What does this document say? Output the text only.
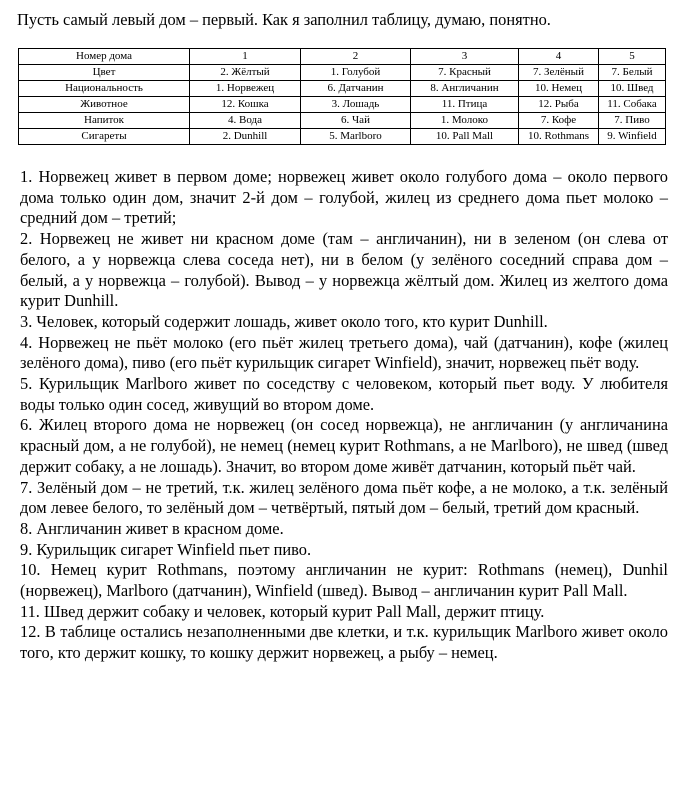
Пусть самый левый дом – первый. Как я заполнил таблицу, думаю, понятно.
Номер дома	1	2	3	4	5
Цвет	2. Жёлтый	1. Голубой	7. Красный	7. Зелёный	7. Белый
Национальность	1. Норвежец	6. Датчанин	8. Англичанин	10. Немец	10. Швед
Животное	12. Кошка	3. Лошадь	11. Птица	12. Рыба	11. Собака
Напиток	4. Вода	6. Чай	1. Молоко	7. Кофе	7. Пиво
Сигареты	2. Dunhill	5. Marlboro	10. Pall Mall	10. Rothmans	9. Winfield

1. Норвежец живет в первом доме; норвежец живет около голубого дома – около первого дома только один дом, значит 2-й дом – голубой, жилец из среднего дома пьет молоко – средний дом – третий;

2. Норвежец не живет ни красном доме (там – англичанин), ни в зеленом (он слева от белого, а у норвежца слева соседа нет), ни в белом (у зелёного соседний справа дом – белый, а у норвежца – голубой). Вывод – у норвежца жёлтый дом. Жилец из желтого дома курит Dunhill.

3. Человек, который содержит лошадь, живет около того, кто курит Dunhill.

4. Норвежец не пьёт молоко (его пьёт жилец третьего дома), чай (датчанин), кофе (жилец зелёного дома), пиво (его пьёт курильщик сигарет Winfield), значит, норвежец пьёт воду.

5. Курильщик Marlboro живет по соседству с человеком, который пьет воду. У любителя воды только один сосед, живущий во втором доме.

6. Жилец второго дома не норвежец (он сосед норвежца), не англичанин (у англичанина красный дом, а не голубой), не немец (немец курит Rothmans, а не Marlboro), не швед (швед держит собаку, а не лошадь). Значит, во втором доме живёт датчанин, который пьёт чай.

7. Зелёный дом – не третий, т.к. жилец зелёного дома пьёт кофе, а не молоко, а т.к. зелёный дом левее белого, то зелёный дом – четвёртый, пятый дом – белый, третий дом красный.

8. Англичанин живет в красном доме.

9. Курильщик сигарет Winfield пьет пиво.

10. Немец курит Rothmans, поэтому англичанин не курит: Rothmans (немец), Dunhil (норвежец), Marlboro (датчанин), Winfield (швед). Вывод – англичанин курит Pall Mall.

11. Швед держит собаку и человек, который курит Pall Mall, держит птицу.

12. В таблице остались незаполненными две клетки, и т.к. курильщик Marlboro живет около того, кто держит кошку, то кошку держит норвежец, а рыбу – немец.
